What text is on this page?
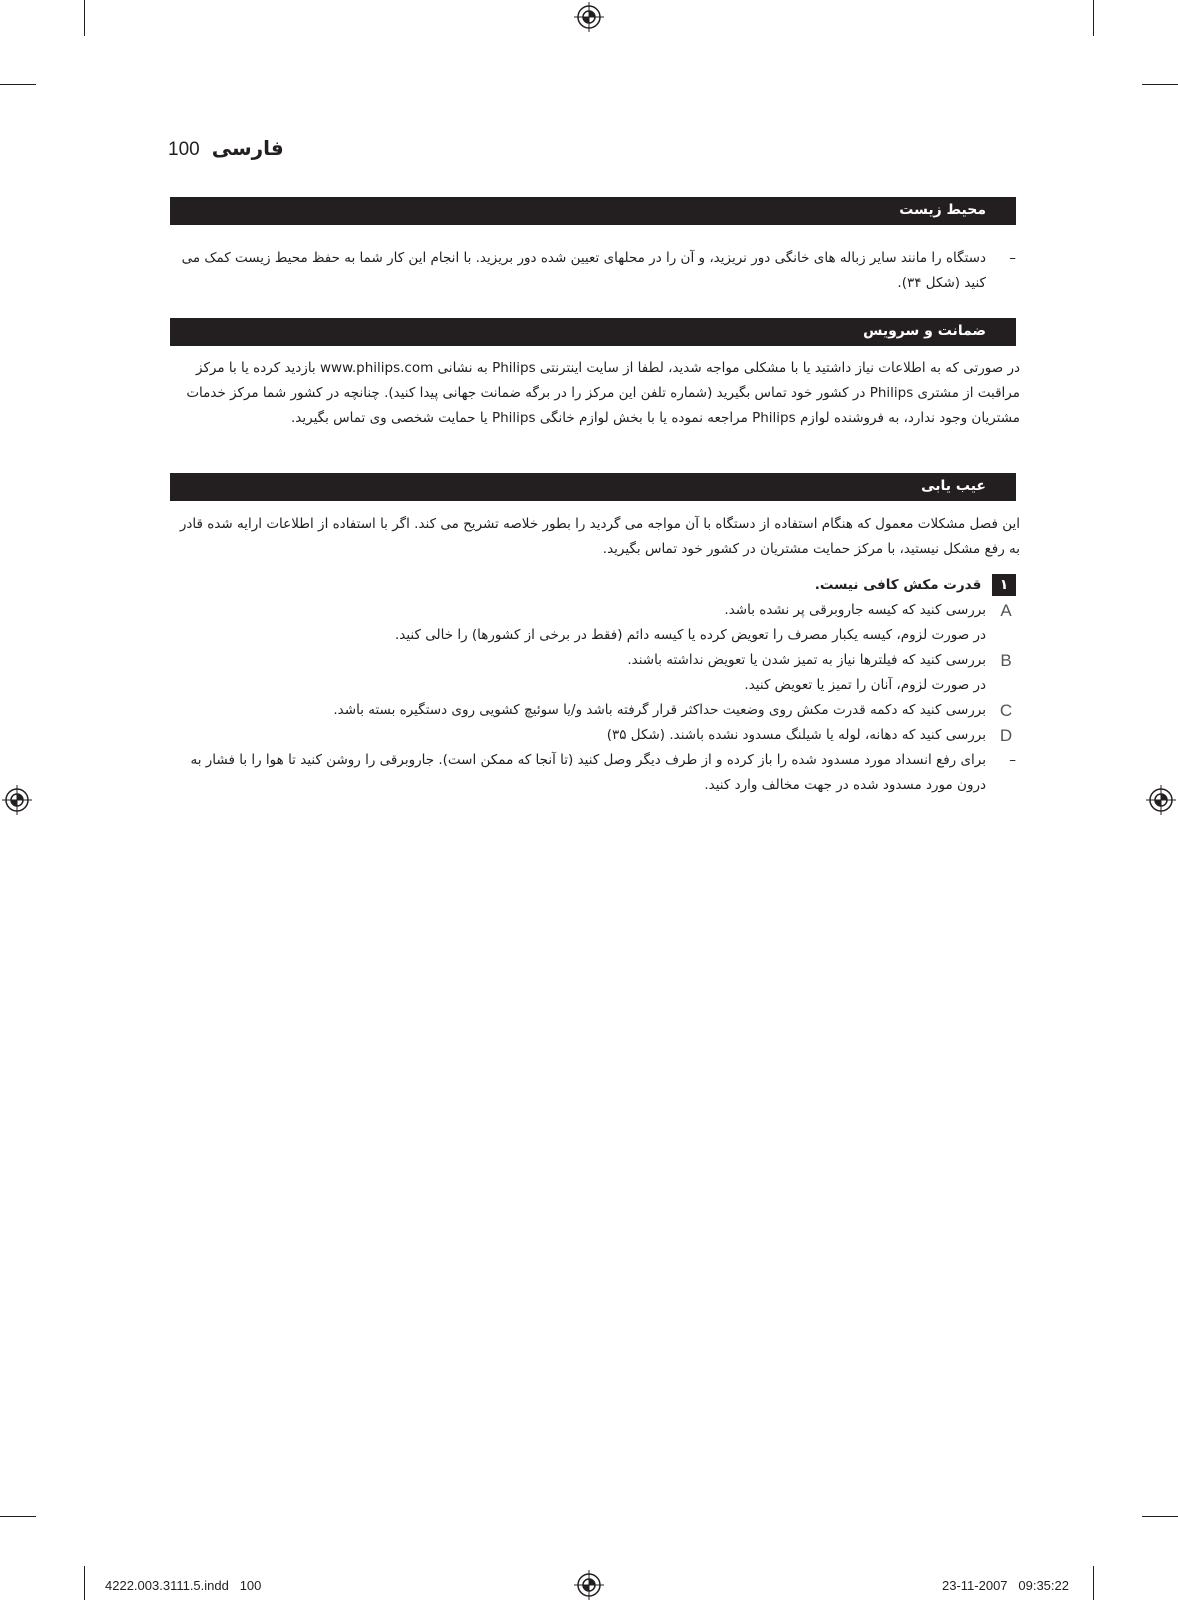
100 فارسی
محیط زیست
–
دستگاه را مانند سایر زباله های خانگی دور نریزید، و آن را در محلهای تعیین شده دور بریزید. با انجام این کار شما به حفظ محیط زیست کمک می کنید (شکل ۳۴).
ضمانت و سرویس
در صورتی که به اطلاعات نیاز داشتید یا با مشکلی مواجه شدید، لطفا از سایت اینترنتی Philips به نشانی www.philips.com بازدید کرده یا با مرکز مراقبت از مشتری Philips در کشور خود تماس بگیرید (شماره تلفن این مرکز را در برگه ضمانت جهانی پیدا کنید). چنانچه در کشور شما مرکز خدمات مشتریان وجود ندارد، به فروشنده لوازم Philips مراجعه نموده یا با بخش لوازم خانگی Philips یا حمایت شخصی وی تماس بگیرید.
عیب یابی
این فصل مشکلات معمول که هنگام استفاده از دستگاه با آن مواجه می گردید را بطور خلاصه تشریح می کند. اگر با استفاده از اطلاعات ارایه شده قادر به رفع مشکل نیستید، با مرکز حمایت مشتریان در کشور خود تماس بگیرید.
۱ قدرت مکش کافی نیست.
A
بررسی کنید که کیسه جاروبرقی پر نشده باشد.
در صورت لزوم، کیسه یکبار مصرف را تعویض کرده یا کیسه دائم (فقط در برخی از کشورها) را خالی کنید.
B
بررسی کنید که فیلترها نیاز به تمیز شدن یا تعویض نداشته باشند.
در صورت لزوم، آنان را تمیز یا تعویض کنید.
C
بررسی کنید که دکمه قدرت مکش روی وضعیت حداکثر قرار گرفته باشد و/یا سوئیچ کشویی روی دستگیره بسته باشد.
D
بررسی کنید که دهانه، لوله یا شیلنگ مسدود نشده باشند. (شکل ۳۵)
–
برای رفع انسداد مورد مسدود شده را باز کرده و از طرف دیگر وصل کنید (تا آنجا که ممکن است). جاروبرقی را روشن کنید تا هوا را با فشار به درون مورد مسدود شده در جهت مخالف وارد کنید.
4222.003.3111.5.indd   100	23-11-2007   09:35:22
